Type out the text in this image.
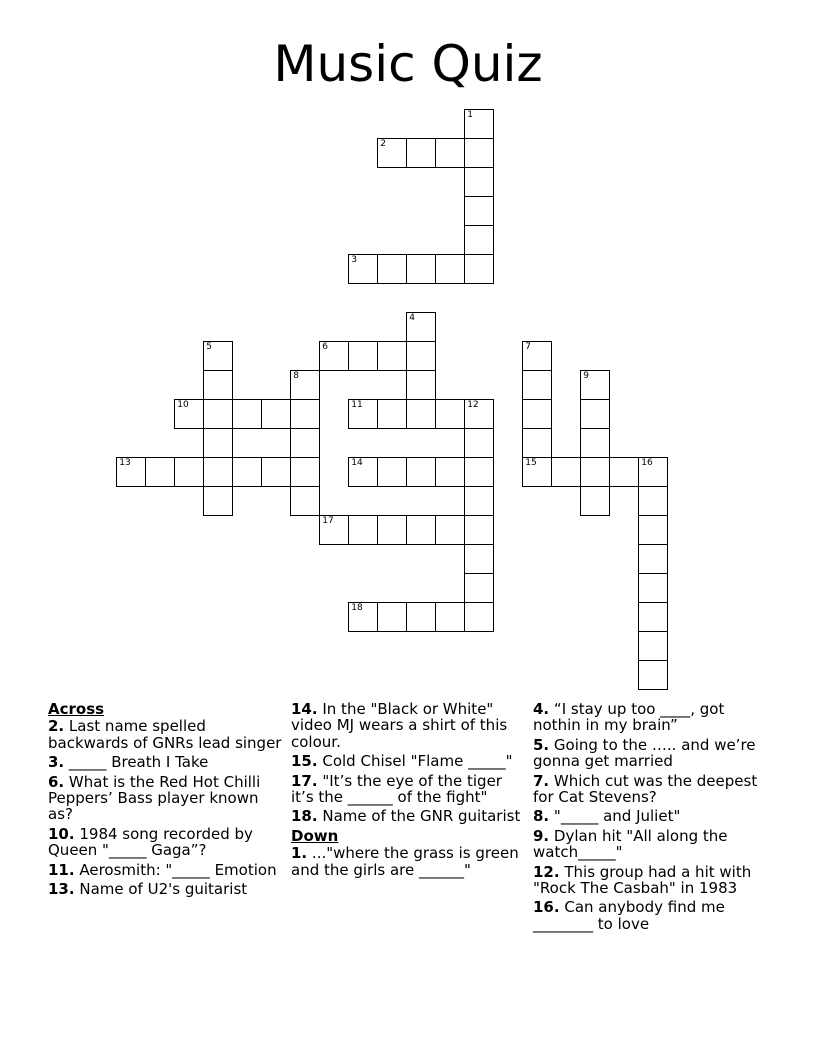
Music Quiz
1
2
3
4
5	6	7
15
8	9
10	11	12
13	14	16
17
18
Across
2. Last name spelled backwards of GNRs lead singer
3. _____ Breath I Take
6. What is the Red Hot Chilli Peppers’ Bass player known as?
10. 1984 song recorded by Queen "_____ Gaga”?
11. Aerosmith: "_____ Emotion
13. Name of U2's guitarist
14. In the "Black or White" video MJ wears a shirt of this colour.
15. Cold Chisel "Flame _____"
17. "It’s the eye of the tiger it’s the ______ of the fight"
18. Name of the GNR guitarist
Down
1. ..."where the grass is green and the girls are ______"
4. “I stay up too ____, got nothin in my brain”
5. Going to the ….. and we’re gonna get married
7. Which cut was the deepest for Cat Stevens?
8. "_____ and Juliet"
9. Dylan hit "All along the watch_____"
12. This group had a hit with "Rock The Casbah" in 1983
16. Can anybody find me ________ to love
